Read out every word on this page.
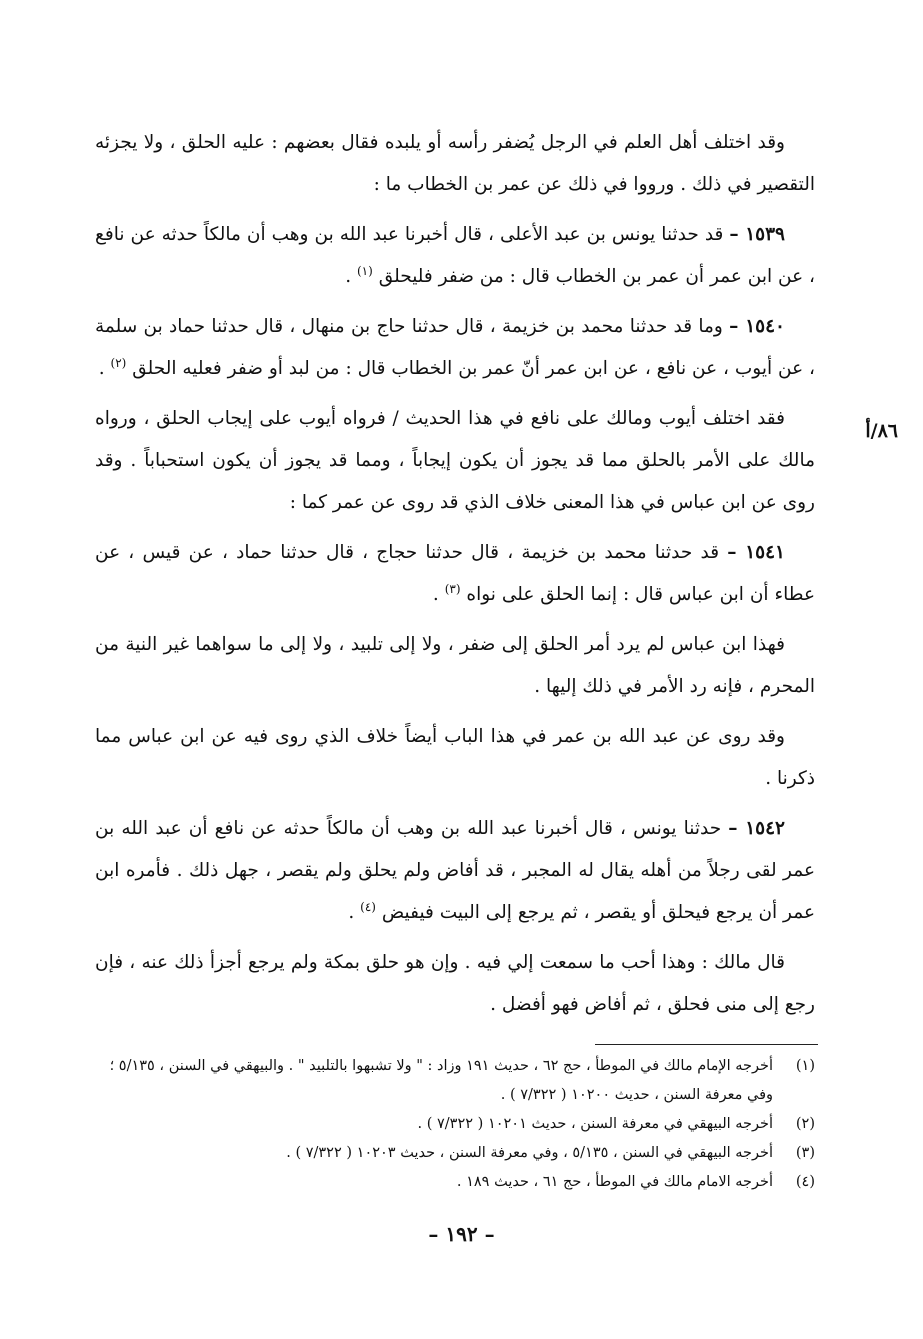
٨٦/أ

وقد اختلف أهل العلم في الرجل يُضفر رأسه أو يلبده فقال بعضهم : عليه الحلق ، ولا يجزئه التقصير في ذلك . ورووا في ذلك عن عمر بن الخطاب ما :

١٥٣٩ – قد حدثنا يونس بن عبد الأعلى ، قال أخبرنا عبد الله بن وهب أن مالكاً حدثه عن نافع ، عن ابن عمر أن عمر بن الخطاب قال : من ضفر فليحلق $^{(١)}$ .

١٥٤٠ – وما قد حدثنا محمد بن خزيمة ، قال حدثنا حاج بن منهال ، قال حدثنا حماد بن سلمة ، عن أيوب ، عن نافع ، عن ابن عمر أنّ عمر بن الخطاب قال : من لبد أو ضفر فعليه الحلق $^{(٢)}$ .

فقد اختلف أيوب ومالك على نافع في هذا الحديث / فرواه أيوب على إيجاب الحلق ، ورواه مالك على الأمر بالحلق مما قد يجوز أن يكون إيجاباً ، ومما قد يجوز أن يكون استحباباً . وقد روى عن ابن عباس في هذا المعنى خلاف الذي قد روى عن عمر كما :

١٥٤١ – قد حدثنا محمد بن خزيمة ، قال حدثنا حجاج ، قال حدثنا حماد ، عن قيس ، عن عطاء أن ابن عباس قال : إنما الحلق على نواه $^{(٣)}$ .

فهذا ابن عباس لم يرد أمر الحلق إلى ضفر ، ولا إلى تلبيد ، ولا إلى ما سواهما غير النية من المحرم ، فإنه رد الأمر في ذلك إليها .

وقد روى عن عبد الله بن عمر في هذا الباب أيضاً خلاف الذي روى فيه عن ابن عباس مما ذكرنا .

١٥٤٢ – حدثنا يونس ، قال أخبرنا عبد الله بن وهب أن مالكاً حدثه عن نافع أن عبد الله بن عمر لقى رجلاً من أهله يقال له المجبر ، قد أفاض ولم يحلق ولم يقصر ، جهل ذلك . فأمره ابن عمر أن يرجع فيحلق أو يقصر ، ثم يرجع إلى البيت فيفيض $^{(٤)}$ .

قال مالك : وهذا أحب ما سمعت إلي فيه . وإن هو حلق بمكة ولم يرجع أجزأ ذلك عنه ، فإن رجع إلى منى فحلق ، ثم أفاض فهو أفضل .

(١)
أخرجه الإمام مالك في الموطأ ، حج ٦٢ ، حديث ١٩١ وزاد : " ولا تشبهوا بالتلبيد " . والبيهقي في السنن ، ٥/١٣٥ ؛ وفي معرفة السنن ، حديث ١٠٢٠٠ ( ٧/٣٢٢ ) .
(٢)
أخرجه البيهقي في معرفة السنن ، حديث ١٠٢٠١ ( ٧/٣٢٢ ) .
(٣)
أخرجه البيهقي في السنن ، ٥/١٣٥ ، وفي معرفة السنن ، حديث ١٠٢٠٣ ( ٧/٣٢٢ ) .
(٤)
أخرجه الامام مالك في الموطأ ، حج ٦١ ، حديث ١٨٩ .
– ١٩٢ –
